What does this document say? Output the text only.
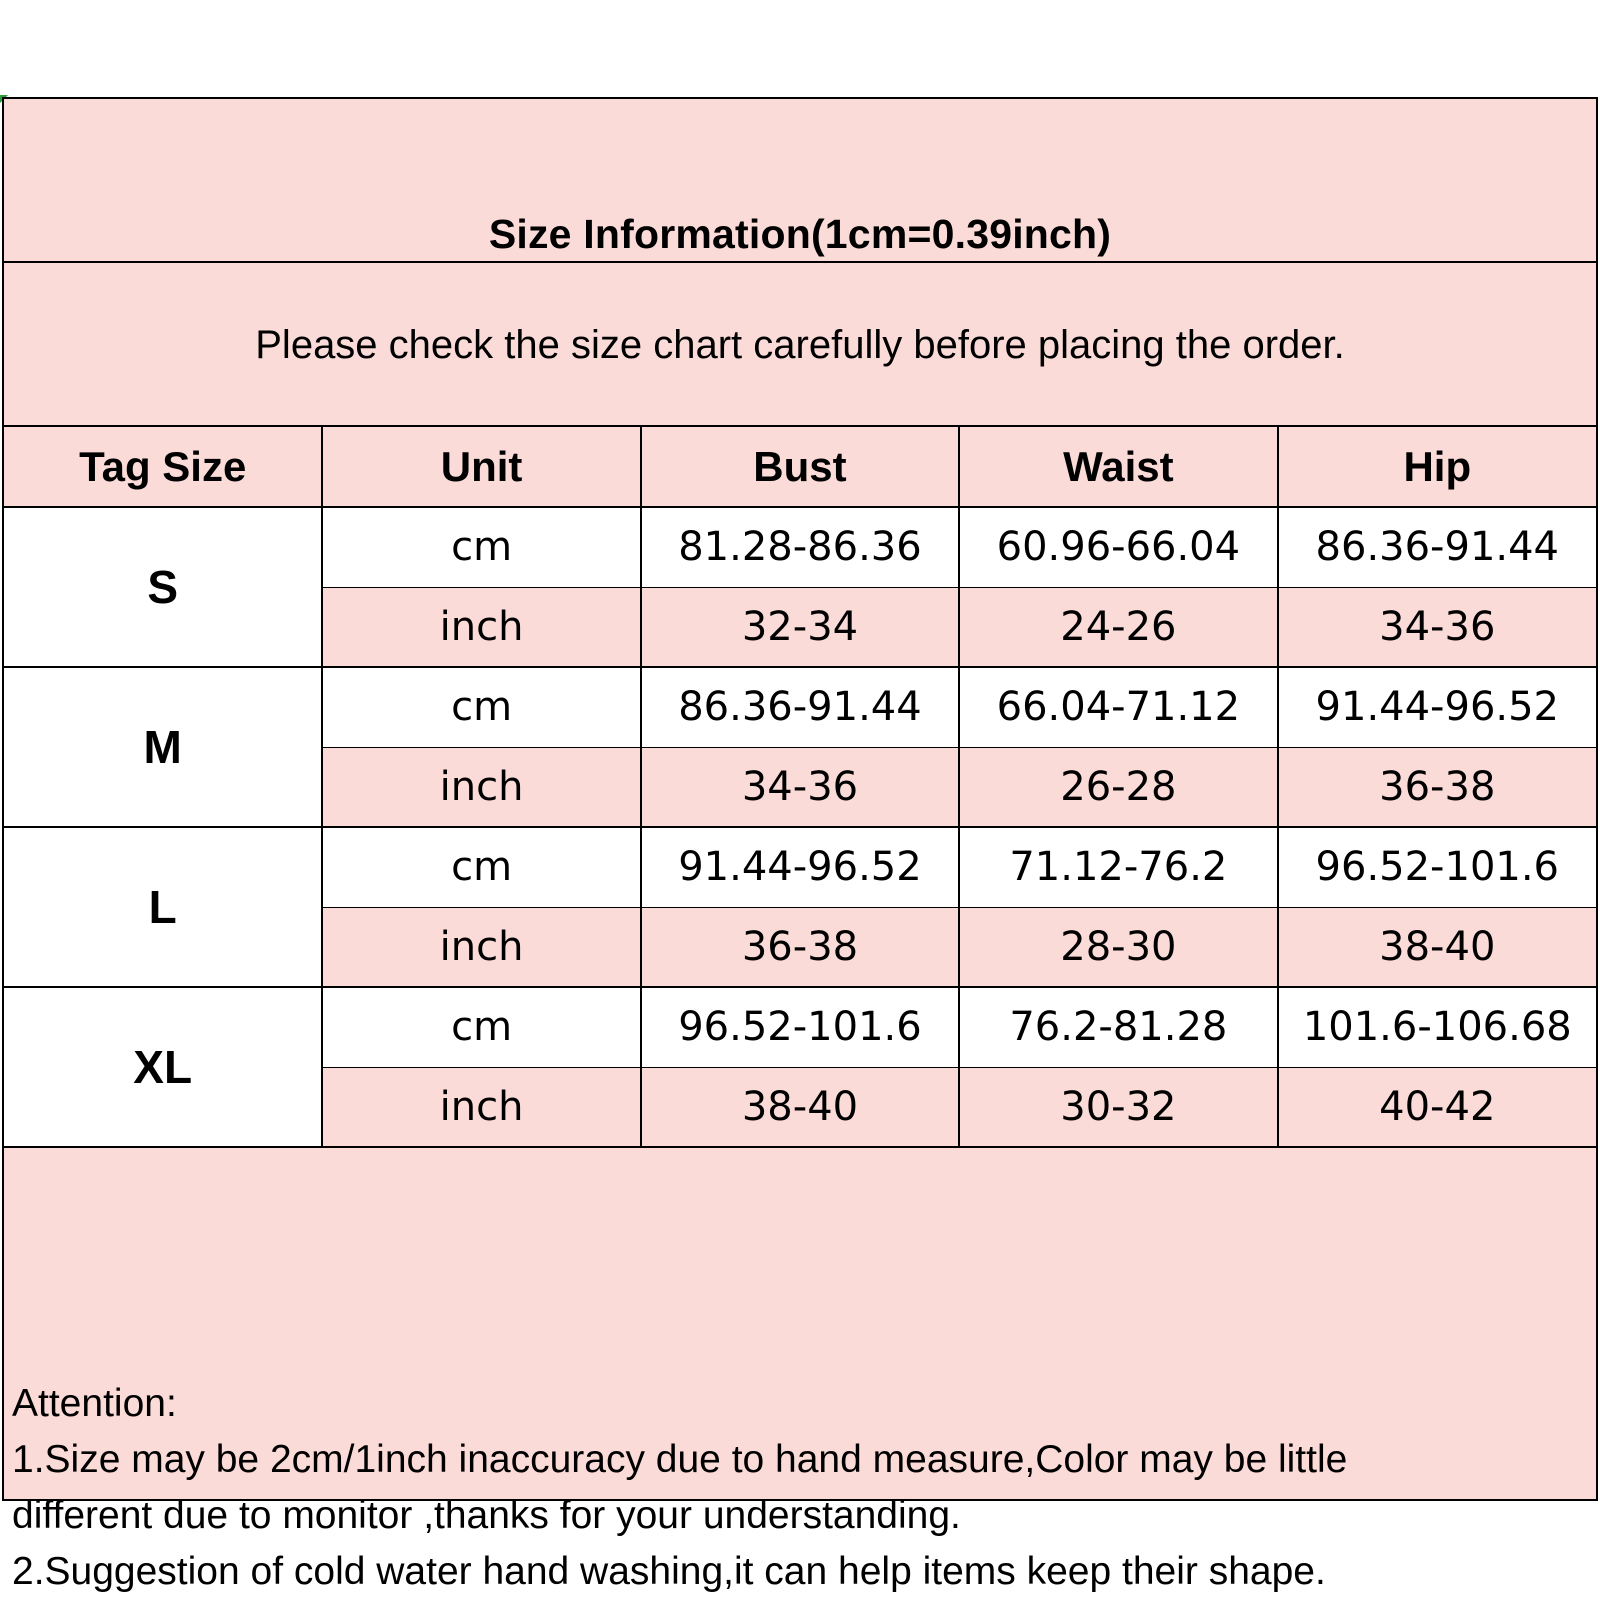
Size Information(1cm=0.39inch)
Please check the size chart carefully before placing the order.
Tag Size	Unit	Bust	Waist	Hip
S	cm	81.28-86.36	60.96-66.04	86.36-91.44
	inch	32-34	24-26	34-36
M	cm	86.36-91.44	66.04-71.12	91.44-96.52
	inch	34-36	26-28	36-38
L	cm	91.44-96.52	71.12-76.2	96.52-101.6
	inch	36-38	28-30	38-40
XL	cm	96.52-101.6	76.2-81.28	101.6-106.68
	inch	38-40	30-32	40-42
Attention:
1.Size may be 2cm/1inch inaccuracy due to hand measure,Color may be little
different due to monitor ,thanks for your understanding.
2.Suggestion of cold water hand washing,it can help items keep their shape.
